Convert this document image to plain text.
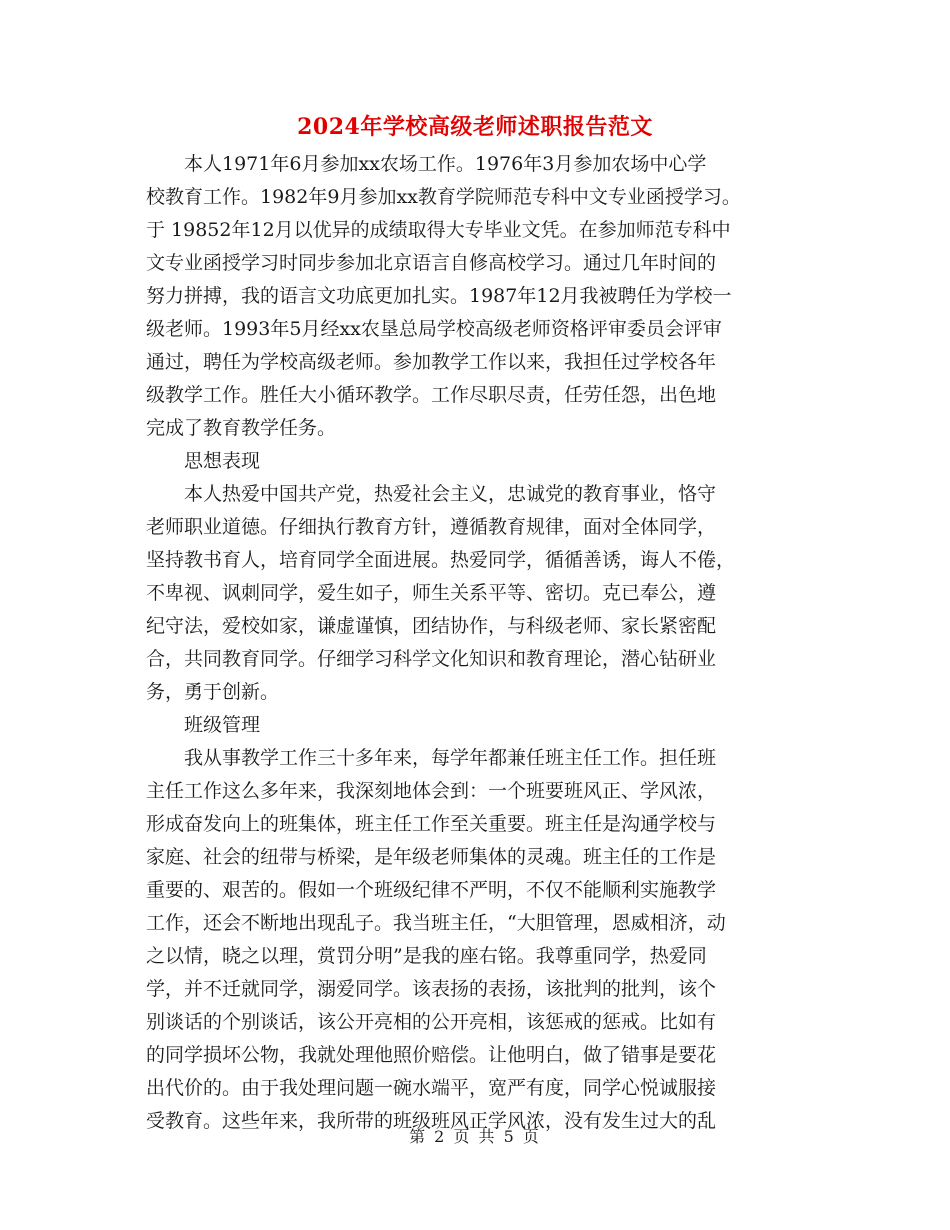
2024年学校高级老师述职报告范文
本人1971年6月参加xx农场工作。1976年3月参加农场中心学
校教育工作。1982年9月参加xx教育学院师范专科中文专业函授学习。
于 19852年12月以优异的成绩取得大专毕业文凭。在参加师范专科中
文专业函授学习时同步参加北京语言自修高校学习。通过几年时间的
努力拼搏，我的语言文功底更加扎实。1987年12月我被聘任为学校一
级老师。1993年5月经xx农垦总局学校高级老师资格评审委员会评审
通过，聘任为学校高级老师。参加教学工作以来，我担任过学校各年
级教学工作。胜任大小循环教学。工作尽职尽责，任劳任怨，出色地
完成了教育教学任务。
思想表现
本人热爱中国共产党，热爱社会主义，忠诚党的教育事业，恪守
老师职业道德。仔细执行教育方针，遵循教育规律，面对全体同学，
坚持教书育人，培育同学全面进展。热爱同学，循循善诱，诲人不倦，
不卑视、讽刺同学，爱生如子，师生关系平等、密切。克已奉公，遵
纪守法，爱校如家，谦虚谨慎，团结协作，与科级老师、家长紧密配
合，共同教育同学。仔细学习科学文化知识和教育理论，潜心钻研业
务，勇于创新。
班级管理
我从事教学工作三十多年来，每学年都兼任班主任工作。担任班
主任工作这么多年来，我深刻地体会到：一个班要班风正、学风浓，
形成奋发向上的班集体，班主任工作至关重要。班主任是沟通学校与
家庭、社会的纽带与桥梁，是年级老师集体的灵魂。班主任的工作是
重要的、艰苦的。假如一个班级纪律不严明，不仅不能顺利实施教学
工作，还会不断地出现乱子。我当班主任，“大胆管理，恩威相济，动
之以情，晓之以理，赏罚分明”是我的座右铭。我尊重同学，热爱同
学，并不迁就同学，溺爱同学。该表扬的表扬，该批判的批判，该个
别谈话的个别谈话，该公开亮相的公开亮相，该惩戒的惩戒。比如有
的同学损坏公物，我就处理他照价赔偿。让他明白，做了错事是要花
出代价的。由于我处理问题一碗水端平，宽严有度，同学心悦诚服接
受教育。这些年来，我所带的班级班风正学风浓，没有发生过大的乱
第 2 页 共 5 页
